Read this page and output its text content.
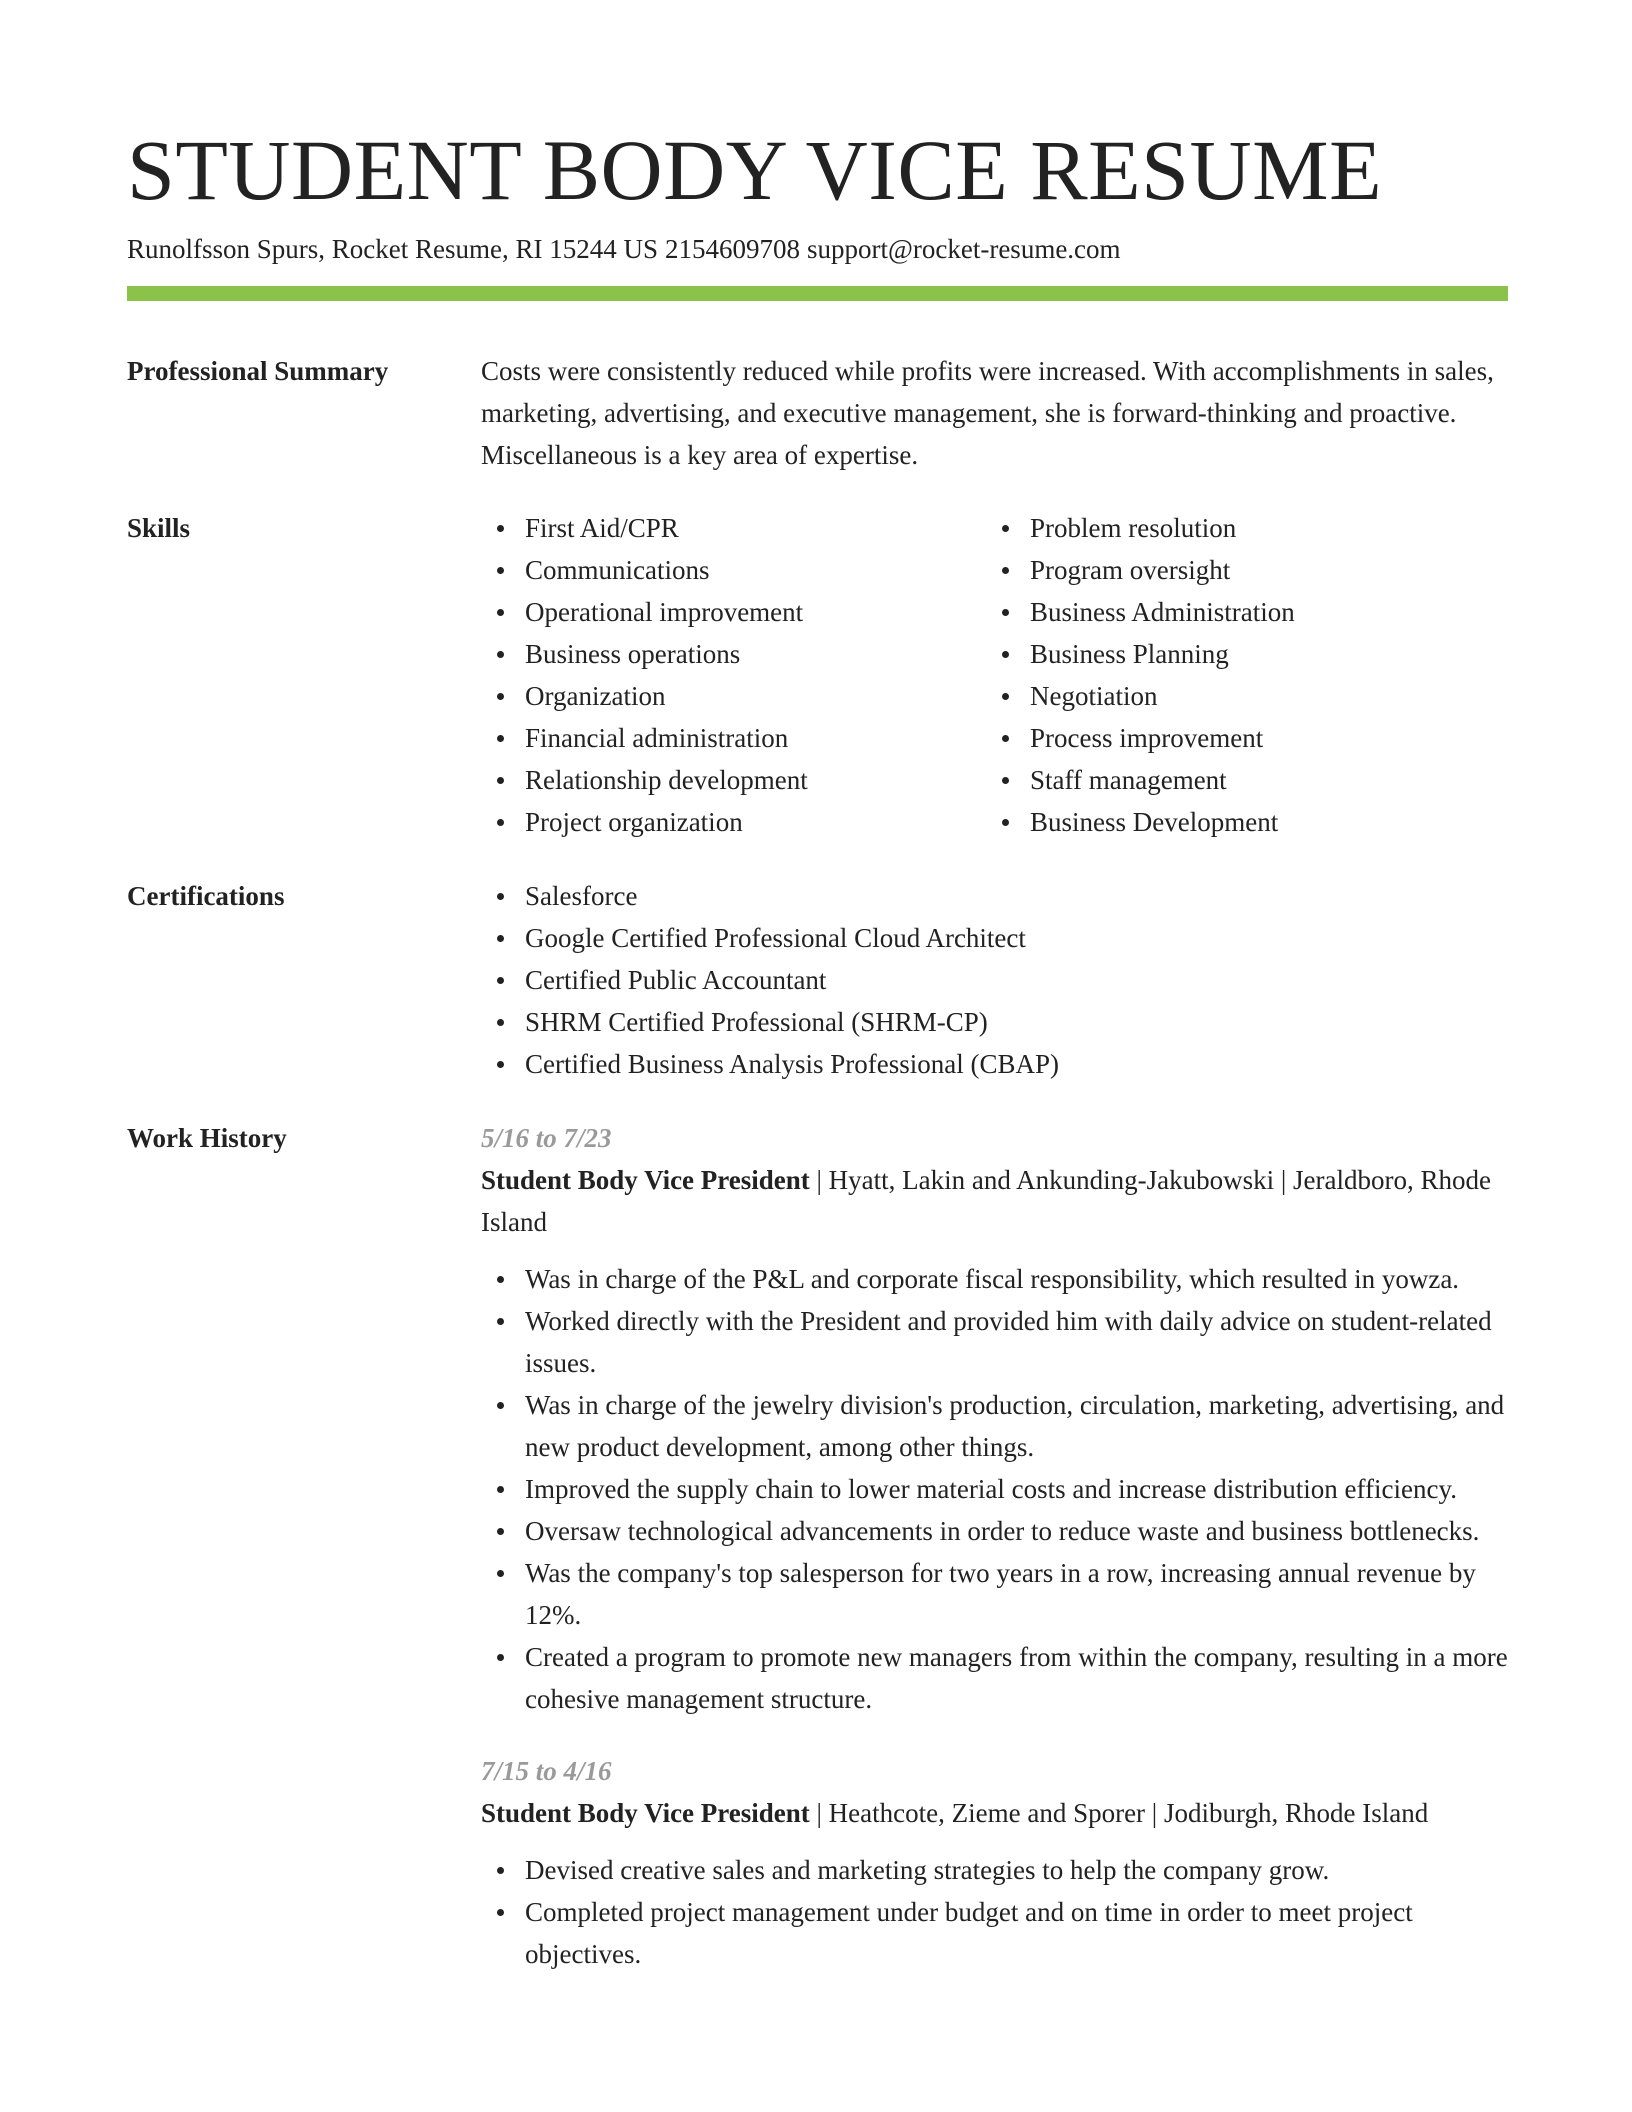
STUDENT BODY VICE RESUME
Runolfsson Spurs, Rocket Resume, RI 15244 US 2154609708 support@rocket-resume.com
Professional Summary	Costs were consistently reduced while profits were increased. With accomplishments in sales, marketing, advertising, and executive management, she is forward-thinking and proactive. Miscellaneous is a key area of expertise.

Skills	First Aid/CPR
Communications
Operational improvement
Business operations
Organization
Financial administration
Relationship development
Project organization
Problem resolution
Program oversight
Business Administration
Business Planning
Negotiation
Process improvement
Staff management
Business Development
Certifications	Salesforce
Google Certified Professional Cloud Architect
Certified Public Accountant
SHRM Certified Professional (SHRM-CP)
Certified Business Analysis Professional (CBAP)
Work History	5/16 to 7/23
Student Body Vice President | Hyatt, Lakin and Ankunding-Jakubowski | Jeraldboro, Rhode Island
Was in charge of the P&L and corporate fiscal responsibility, which resulted in yowza.
Worked directly with the President and provided him with daily advice on student-related issues.
Was in charge of the jewelry division's production, circulation, marketing, advertising, and new product development, among other things.
Improved the supply chain to lower material costs and increase distribution efficiency.
Oversaw technological advancements in order to reduce waste and business bottlenecks.
Was the company's top salesperson for two years in a row, increasing annual revenue by 12%.
Created a program to promote new managers from within the company, resulting in a more cohesive management structure.
7/15 to 4/16
Student Body Vice President | Heathcote, Zieme and Sporer | Jodiburgh, Rhode Island
Devised creative sales and marketing strategies to help the company grow.
Completed project management under budget and on time in order to meet project objectives.
